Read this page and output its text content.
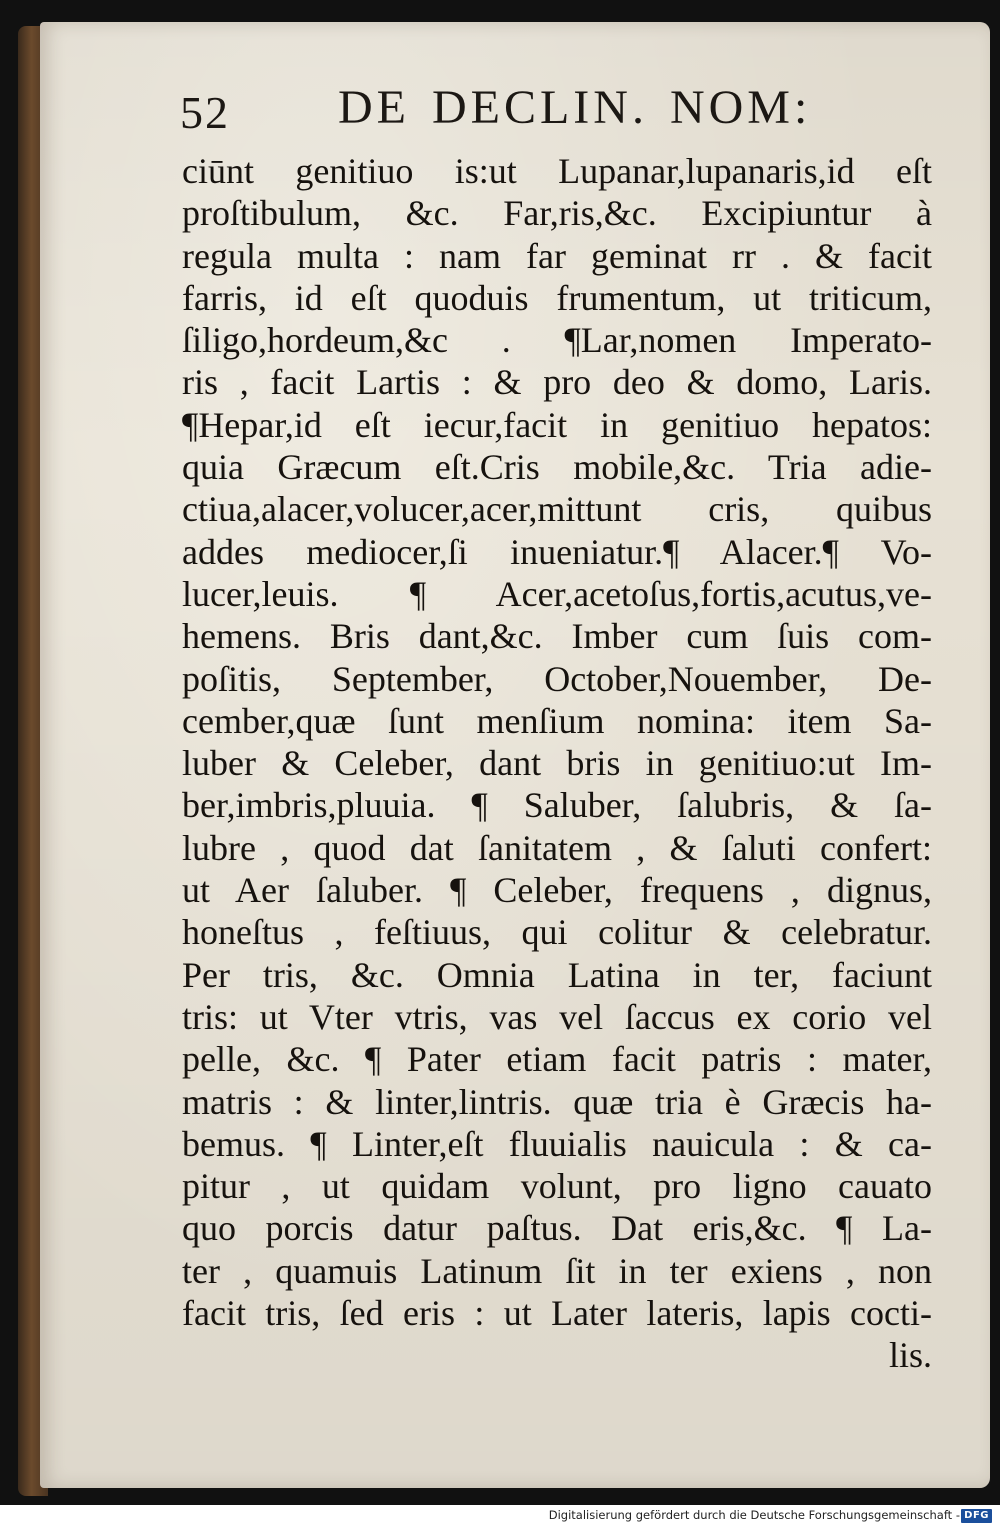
52 DE DECLIN. NOM:
ciūnt genitiuo is:ut Lupanar,lupanaris,id eſt
proſtibulum, &c. Far,ris,&c. Excipiuntur à
regula multa : nam far geminat rr . & facit
farris, id eſt quoduis frumentum, ut triticum,
ſiligo,hordeum,&c . ¶Lar,nomen Imperato-
ris , facit Lartis : & pro deo & domo, Laris.
¶Hepar,id eſt iecur,facit in genitiuo hepatos:
quia Græcum eſt.Cris mobile,&c. Tria adie-
ctiua,alacer,volucer,acer,mittunt cris, quibus
addes mediocer,ſi inueniatur.¶ Alacer.¶ Vo-
lucer,leuis. ¶ Acer,acetoſus,fortis,acutus,ve-
hemens. Bris dant,&c. Imber cum ſuis com-
poſitis, September, October,Nouember, De-
cember,quæ ſunt menſium nomina: item Sa-
luber & Celeber, dant bris in genitiuo:ut Im-
ber,imbris,pluuia. ¶ Saluber, ſalubris, & ſa-
lubre , quod dat ſanitatem , & ſaluti confert:
ut Aer ſaluber. ¶ Celeber, frequens , dignus,
honeſtus , feſtiuus, qui colitur & celebratur.
Per tris, &c. Omnia Latina in ter, faciunt
tris: ut Vter vtris, vas vel ſaccus ex corio vel
pelle, &c. ¶ Pater etiam facit patris : mater,
matris : & linter,lintris. quæ tria è Græcis ha-
bemus. ¶ Linter,eſt fluuialis nauicula : & ca-
pitur , ut quidam volunt, pro ligno cauato
quo porcis datur paſtus. Dat eris,&c. ¶ La-
ter , quamuis Latinum ſit in ter exiens , non
facit tris, ſed eris : ut Later lateris, lapis cocti-
lis.
Digitalisierung gefördert durch die Deutsche Forschungsgemeinschaft - DFG
